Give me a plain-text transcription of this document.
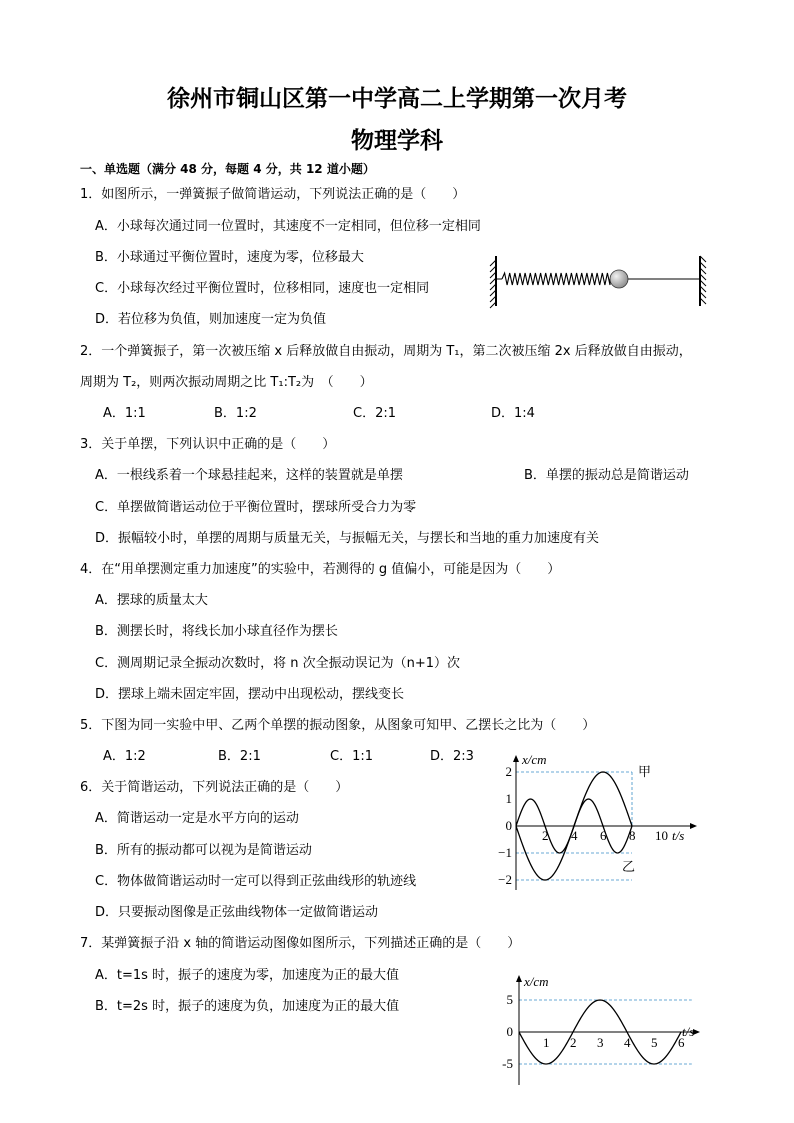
徐州市铜山区第一中学高二上学期第一次月考
物理学科
一、单选题（满分 48 分，每题 4 分，共 12 道小题）
1．如图所示，一弹簧振子做简谐运动，下列说法正确的是（　　）
A．小球每次通过同一位置时，其速度不一定相同，但位移一定相同
B．小球通过平衡位置时，速度为零，位移最大
C．小球每次经过平衡位置时，位移相同，速度也一定相同
D．若位移为负值，则加速度一定为负值
2．一个弹簧振子，第一次被压缩 x 后释放做自由振动，周期为 T₁，第二次被压缩 2x 后释放做自由振动，
周期为 T₂，则两次振动周期之比 T₁:T₂为　（　　）
A．1:1	B．1:2	C．2:1	D．1:4
3．关于单摆，下列认识中正确的是（　　）
A．一根线系着一个球悬挂起来，这样的装置就是单摆	B．单摆的振动总是简谐运动
C．单摆做简谐运动位于平衡位置时，摆球所受合力为零
D．振幅较小时，单摆的周期与质量无关，与振幅无关，与摆长和当地的重力加速度有关
4．在“用单摆测定重力加速度”的实验中，若测得的 g 值偏小，可能是因为（　　）
A．摆球的质量太大
B．测摆长时，将线长加小球直径作为摆长
C．测周期记录全振动次数时，将 n 次全振动误记为（n+1）次
D．摆球上端未固定牢固，摆动中出现松动，摆线变长
5．下图为同一实验中甲、乙两个单摆的振动图象，从图象可知甲、乙摆长之比为（　　）
A．1:2	B．2:1	C．1:1	D．2:3
6．关于简谐运动，下列说法正确的是（　　）
A．简谐运动一定是水平方向的运动
B．所有的振动都可以视为是简谐运动
C．物体做简谐运动时一定可以得到正弦曲线形的轨迹线
D．只要振动图像是正弦曲线物体一定做简谐运动
7．某弹簧振子沿 x 轴的简谐运动图像如图所示，下列描述正确的是（　　）
A．t=1s 时，振子的速度为零，加速度为正的最大值
B．t=2s 时，振子的速度为负，加速度为正的最大值
x/cm
t/s
2 4 6 8 10
2
1
0
−1
−2
甲
乙
x/cm
t/s
1 2 3 4 5 6
5
0
-5
